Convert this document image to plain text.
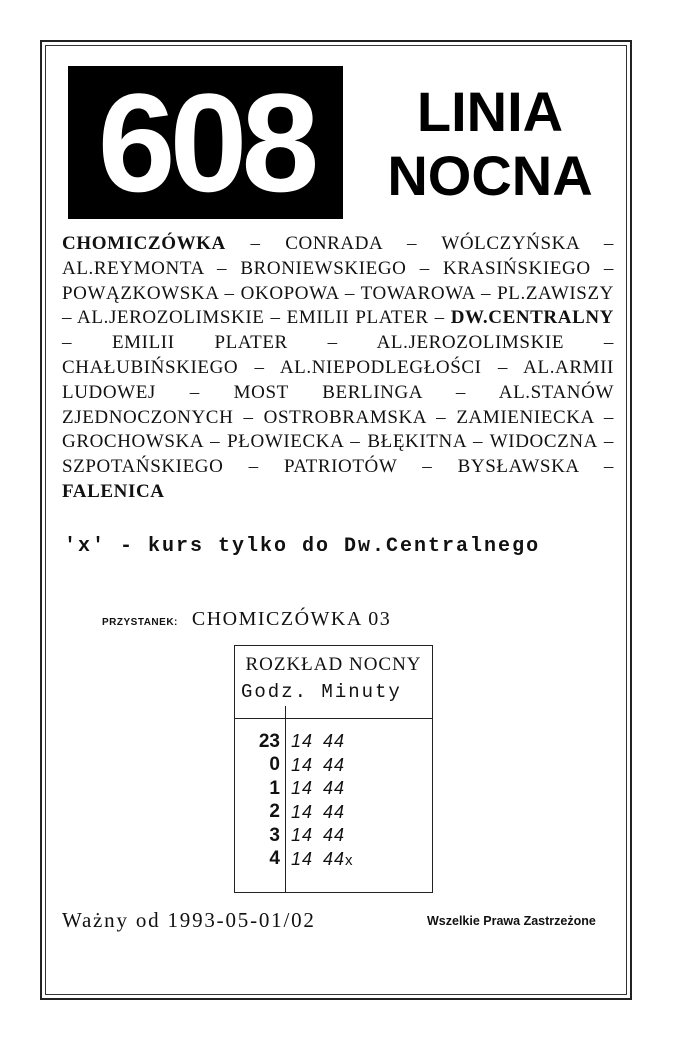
608	LINIA
NOCNA
CHOMICZÓWKA – CONRADA – WÓLCZYŃSKA – AL.REYMONTA – BRONIEWSKIEGO – KRASIŃSKIEGO – POWĄZKOWSKA – OKOPOWA – TOWAROWA – PL.ZAWISZY – AL.JEROZOLIMSKIE – EMILII PLATER – DW.CENTRALNY – EMILII PLATER – AL.JEROZOLIMSKIE – CHAŁUBIŃSKIEGO – AL.NIEPODLEGŁOŚCI – AL.ARMII LUDOWEJ – MOST BERLINGA – AL.STANÓW ZJEDNOCZONYCH – OSTROBRAMSKA – ZAMIENIECKA – GROCHOWSKA – PŁOWIECKA – BŁĘKITNA – WIDOCZNA – SZPOTAŃSKIEGO – PATRIOTÓW – BYSŁAWSKA – FALENICA
'x' - kurs tylko do Dw.Centralnego
PRZYSTANEK: CHOMICZÓWKA 03
ROZKŁAD NOCNY
Godz. Minuty
23 14 44
0 14 44
1 14 44
2 14 44
3 14 44
4 14 44x
Ważny od 1993-05-01/02	Wszelkie Prawa Zastrzeżone
